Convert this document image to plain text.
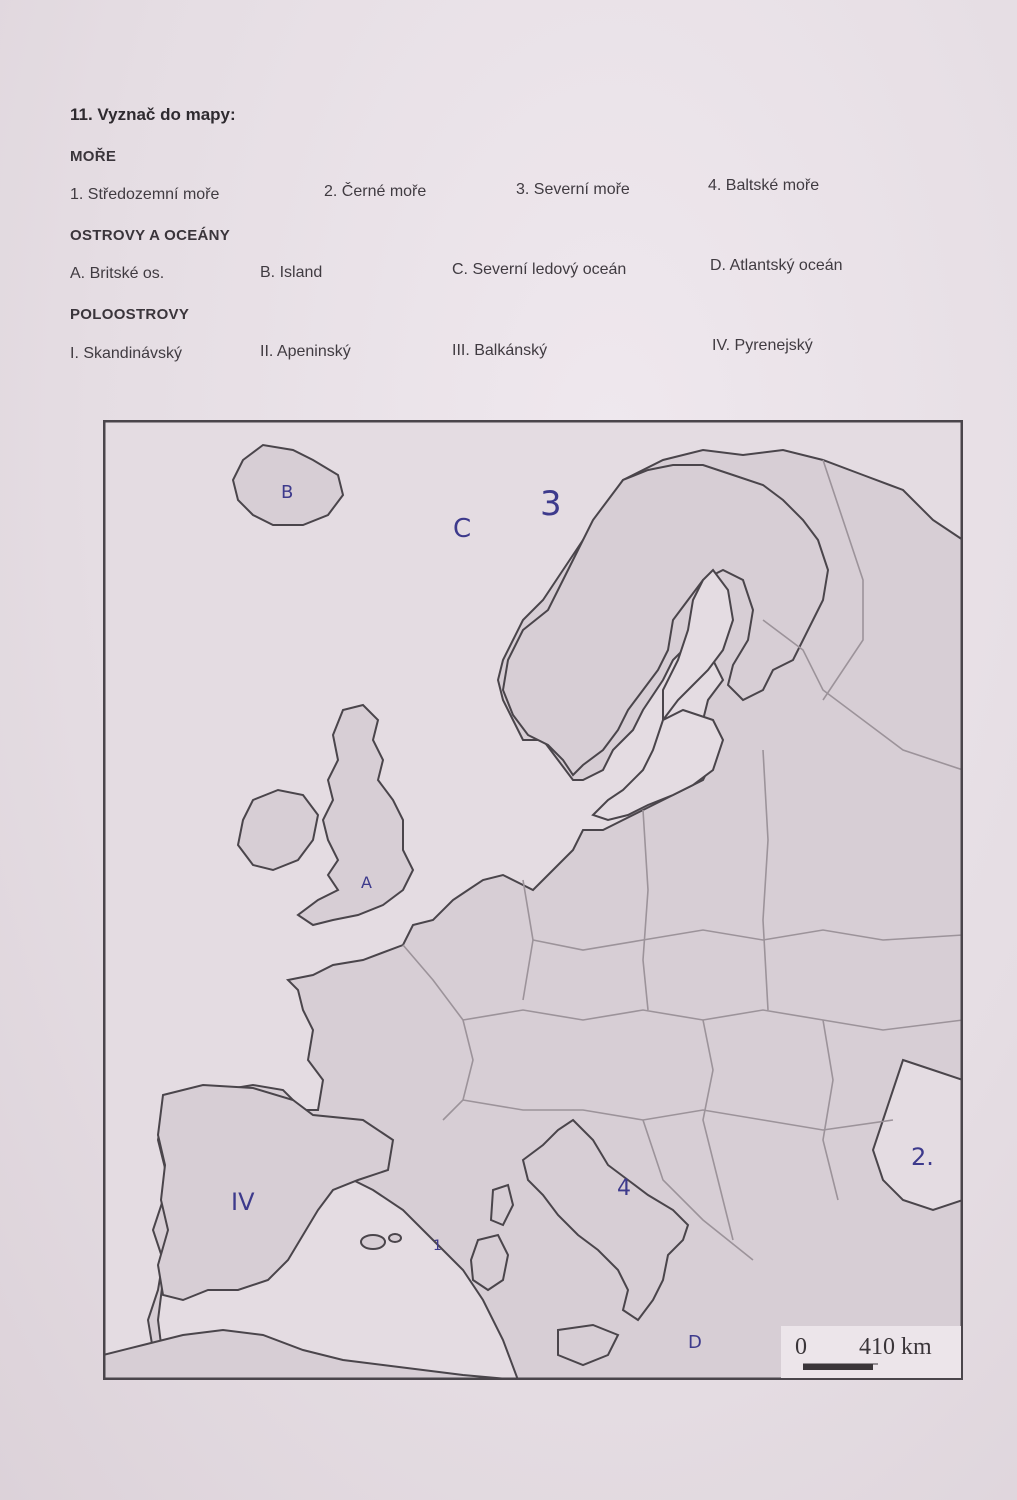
11. Vyznač do mapy:
MOŘE
1. Středozemní moře	2. Černé moře	3. Severní moře	4. Baltské moře
OSTROVY A OCEÁNY
A. Britské os.	B. Island	C. Severní ledový oceán	D. Atlantský oceán
POLOOSTROVY
I. Skandinávský	II. Apeninský	III. Balkánský	IV. Pyrenejský
B	3
C
A
IV
1
4
2.
D	0 410 km
